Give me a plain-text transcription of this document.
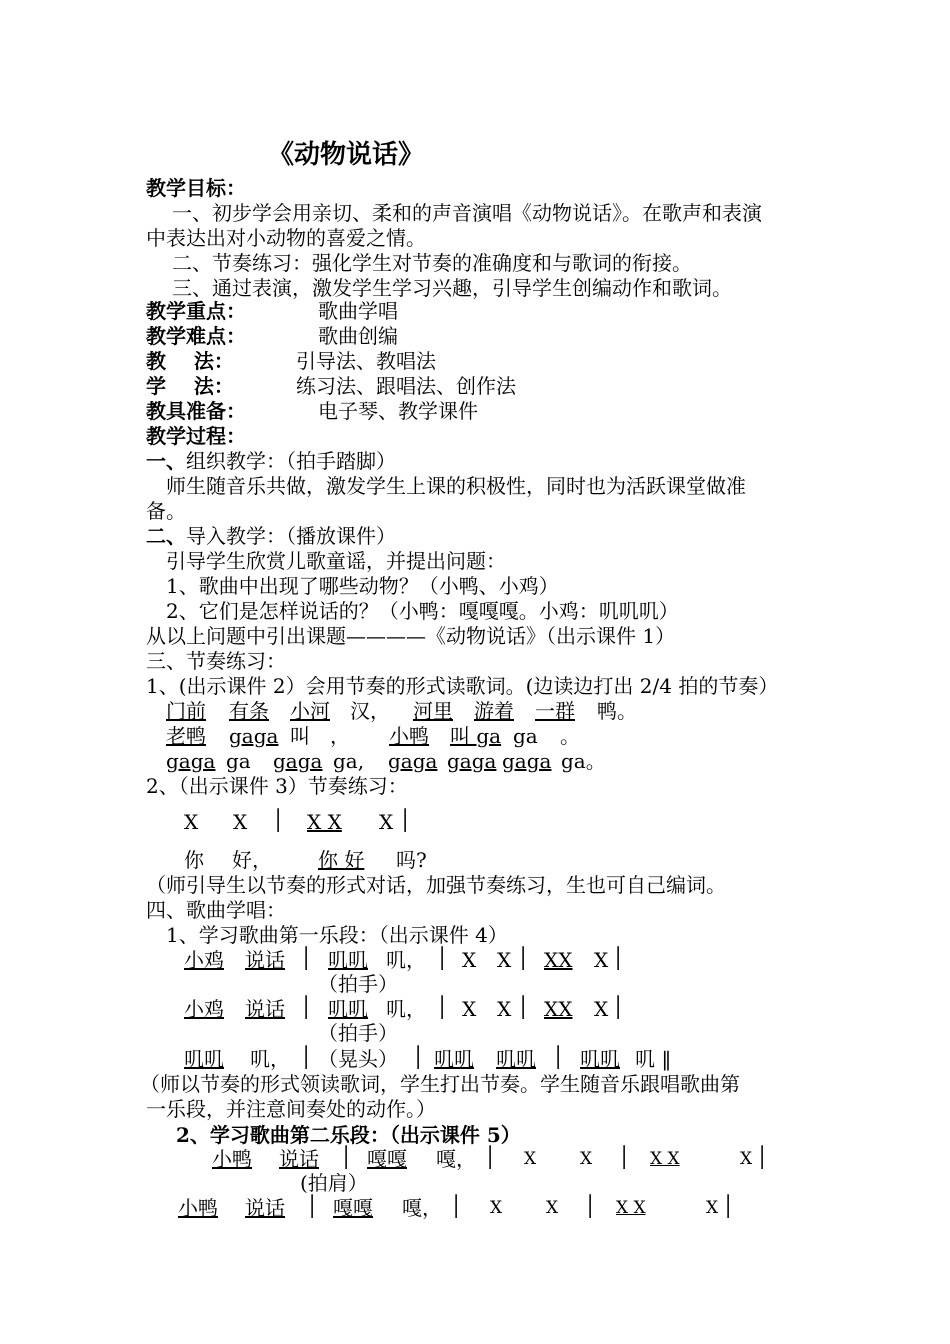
《动物说话》
教学目标：
一、初步学会用亲切、柔和的声音演唱《动物说话》。在歌声和表演
中表达出对小动物的喜爱之情。
二、节奏练习：强化学生对节奏的准确度和与歌词的衔接。
三、通过表演，激发学生学习兴趣，引导学生创编动作和歌词。
教学重点：	歌曲学唱
教学难点：	歌曲创编
教    法：	引导法、教唱法
学    法：	练习法、跟唱法、创作法
教具准备：	电子琴、教学课件
教学过程：
一、组织教学：（拍手踏脚）
师生随音乐共做，激发学生上课的积极性，同时也为活跃课堂做准
备。
二、导入教学：（播放课件）
引导学生欣赏儿歌童谣，并提出问题：
1、歌曲中出现了哪些动物？（小鸭、小鸡）
2、它们是怎样说话的？（小鸭：嘎嘎嘎。小鸡：叽叽叽）
从以上问题中引出课题————《动物说话》（出示课件 1）
三、节奏练习：
1、(出示课件 2）会用节奏的形式读歌词。(边读边打出 2/4 拍的节奏）
门前 有条 小河 汉， 河里 游着 一群 鸭。
老鸭 gaga 叫 ， 小鸭 叫 ga ga 。
gaga ga gaga ga, gaga gaga gaga ga。
2、（出示课件 3）节奏练习：
X X │ X X X │
你 好， 你 好 吗?
（师引导生以节奏的形式对话，加强节奏练习，生也可自己编词。
四、歌曲学唱：
1、学习歌曲第一乐段：（出示课件 4）
小鸡 说话 │ 叽叽 叽， │ X X │ XX X │
（拍手）
小鸡 说话 │ 叽叽 叽， │ X X │ XX X │
（拍手）
叽叽 叽， │ （晃头） │ 叽叽 叽叽 │ 叽叽 叽 ‖
（师以节奏的形式领读歌词，学生打出节奏。学生随音乐跟唱歌曲第
一乐段，并注意间奏处的动作。）
2、学习歌曲第二乐段：（出示课件 5）
小鸭 说话 │ 嘎嘎 嘎， │ X	X │ X X	X │
(拍肩）
小鸭 说话 │ 嘎嘎 嘎， │ X	X │ X X	X │
